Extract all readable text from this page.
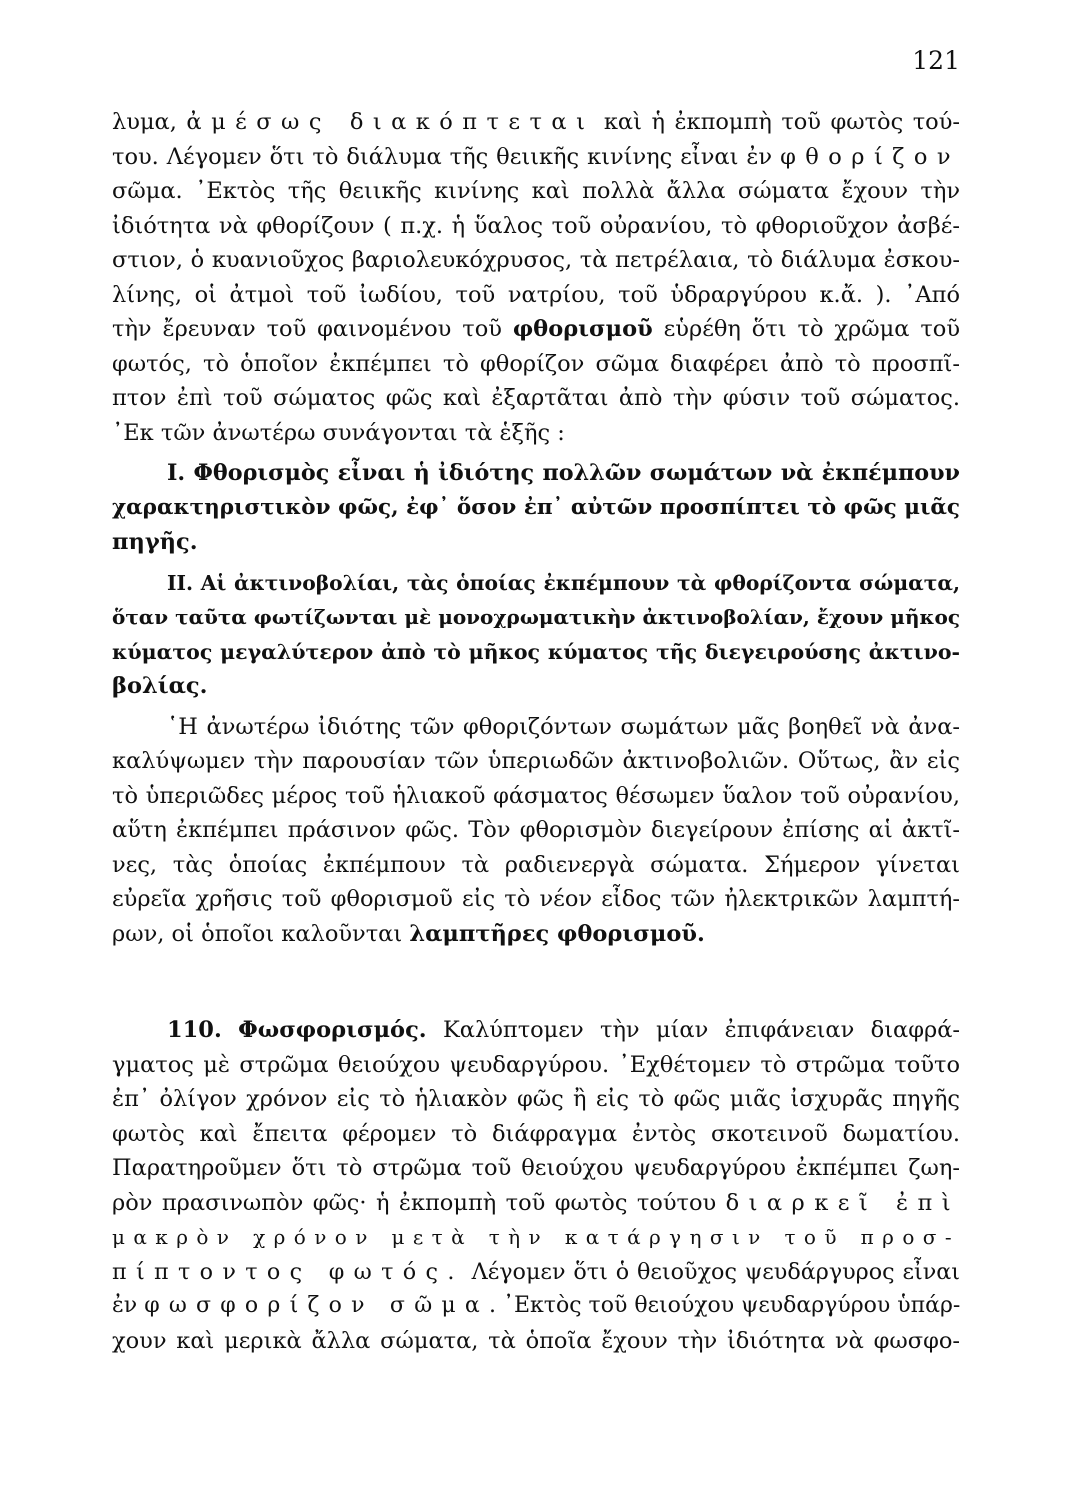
121
λυμα, ἀμέσως διακόπτεται καὶ ἡ ἐκπομπὴ τοῦ φωτὸς τού-
του. Λέγομεν ὅτι τὸ διάλυμα τῆς θειικῆς κινίνης εἶναι ἐν φθορίζον
σῶμα. ᾿Εκτὸς τῆς θειικῆς κινίνης καὶ πολλὰ ἄλλα σώματα ἔχουν τὴν
ἰδιότητα νὰ φθορίζουν ( π.χ. ἡ ὕαλος τοῦ οὐρανίου, τὸ φθοριοῦχον ἀσβέ-
στιον, ὁ κυανιοῦχος βαριολευκόχρυσος, τὰ πετρέλαια, τὸ διάλυμα ἐσκου-
λίνης, οἱ ἀτμοὶ τοῦ ἰωδίου, τοῦ νατρίου, τοῦ ὑδραργύρου κ.ἄ. ). ᾿Από
τὴν ἔρευναν τοῦ φαινομένου τοῦ φθορισμοῦ εὑρέθη ὅτι τὸ χρῶμα τοῦ
φωτός, τὸ ὁποῖον ἐκπέμπει τὸ φθορίζον σῶμα διαφέρει ἀπὸ τὸ προσπῖ-
πτον ἐπὶ τοῦ σώματος φῶς καὶ ἐξαρτᾶται ἀπὸ τὴν φύσιν τοῦ σώματος.
᾿Εκ τῶν ἀνωτέρω συνάγονται τὰ ἑξῆς :
I. Φθορισμὸς εἶναι ἡ ἰδιότης πολλῶν σωμάτων νὰ ἐκπέμπουν
χαρακτηριστικὸν φῶς, ἐφ᾿ ὅσον ἐπ᾿ αὐτῶν προσπίπτει τὸ φῶς μιᾶς
πηγῆς.
II. Αἱ ἀκτινοβολίαι, τὰς ὁποίας ἐκπέμπουν τὰ φθορίζοντα σώματα,
ὅταν ταῦτα φωτίζωνται μὲ μονοχρωματικὴν ἀκτινοβολίαν, ἔχουν μῆκος
κύματος μεγαλύτερον ἀπὸ τὸ μῆκος κύματος τῆς διεγειρούσης ἀκτινο-
βολίας.
῾Η ἀνωτέρω ἰδιότης τῶν φθοριζόντων σωμάτων μᾶς βοηθεῖ νὰ ἀνα-
καλύψωμεν τὴν παρουσίαν τῶν ὑπεριωδῶν ἀκτινοβολιῶν. Οὕτως, ἂν εἰς
τὸ ὑπεριῶδες μέρος τοῦ ἡλιακοῦ φάσματος θέσωμεν ὕαλον τοῦ οὐρανίου,
αὕτη ἐκπέμπει πράσινον φῶς. Τὸν φθορισμὸν διεγείρουν ἐπίσης αἱ ἀκτῖ-
νες, τὰς ὁποίας ἐκπέμπουν τὰ ραδιενεργὰ σώματα. Σήμερον γίνεται
εὐρεῖα χρῆσις τοῦ φθορισμοῦ εἰς τὸ νέον εἶδος τῶν ἠλεκτρικῶν λαμπτή-
ρων, οἱ ὁποῖοι καλοῦνται λαμπτῆρες φθορισμοῦ.
110. Φωσφορισμός. Καλύπτομεν τὴν μίαν ἐπιφάνειαν διαφρά-
γματος μὲ στρῶμα θειούχου ψευδαργύρου. ᾿Εχθέτομεν τὸ στρῶμα τοῦτο
ἐπ᾿ ὀλίγον χρόνον εἰς τὸ ἡλιακὸν φῶς ἢ εἰς τὸ φῶς μιᾶς ἰσχυρᾶς πηγῆς
φωτὸς καὶ ἔπειτα φέρομεν τὸ διάφραγμα ἐντὸς σκοτεινοῦ δωματίου.
Παρατηροῦμεν ὅτι τὸ στρῶμα τοῦ θειούχου ψευδαργύρου ἐκπέμπει ζωη-
ρὸν πρασινωπὸν φῶς· ἡ ἐκπομπὴ τοῦ φωτὸς τούτου διαρκεῖ ἐπὶ
μακρὸν χρόνον μετὰ τὴν κατάργησιν τοῦ προσ-
πίπτοντος φωτός. Λέγομεν ὅτι ὁ θειοῦχος ψευδάργυρος εἶναι
ἐν φωσφορίζον σῶμα. ᾿Εκτὸς τοῦ θειούχου ψευδαργύρου ὑπάρ-
χουν καὶ μερικὰ ἄλλα σώματα, τὰ ὁποῖα ἔχουν τὴν ἰδιότητα νὰ φωσφο-
